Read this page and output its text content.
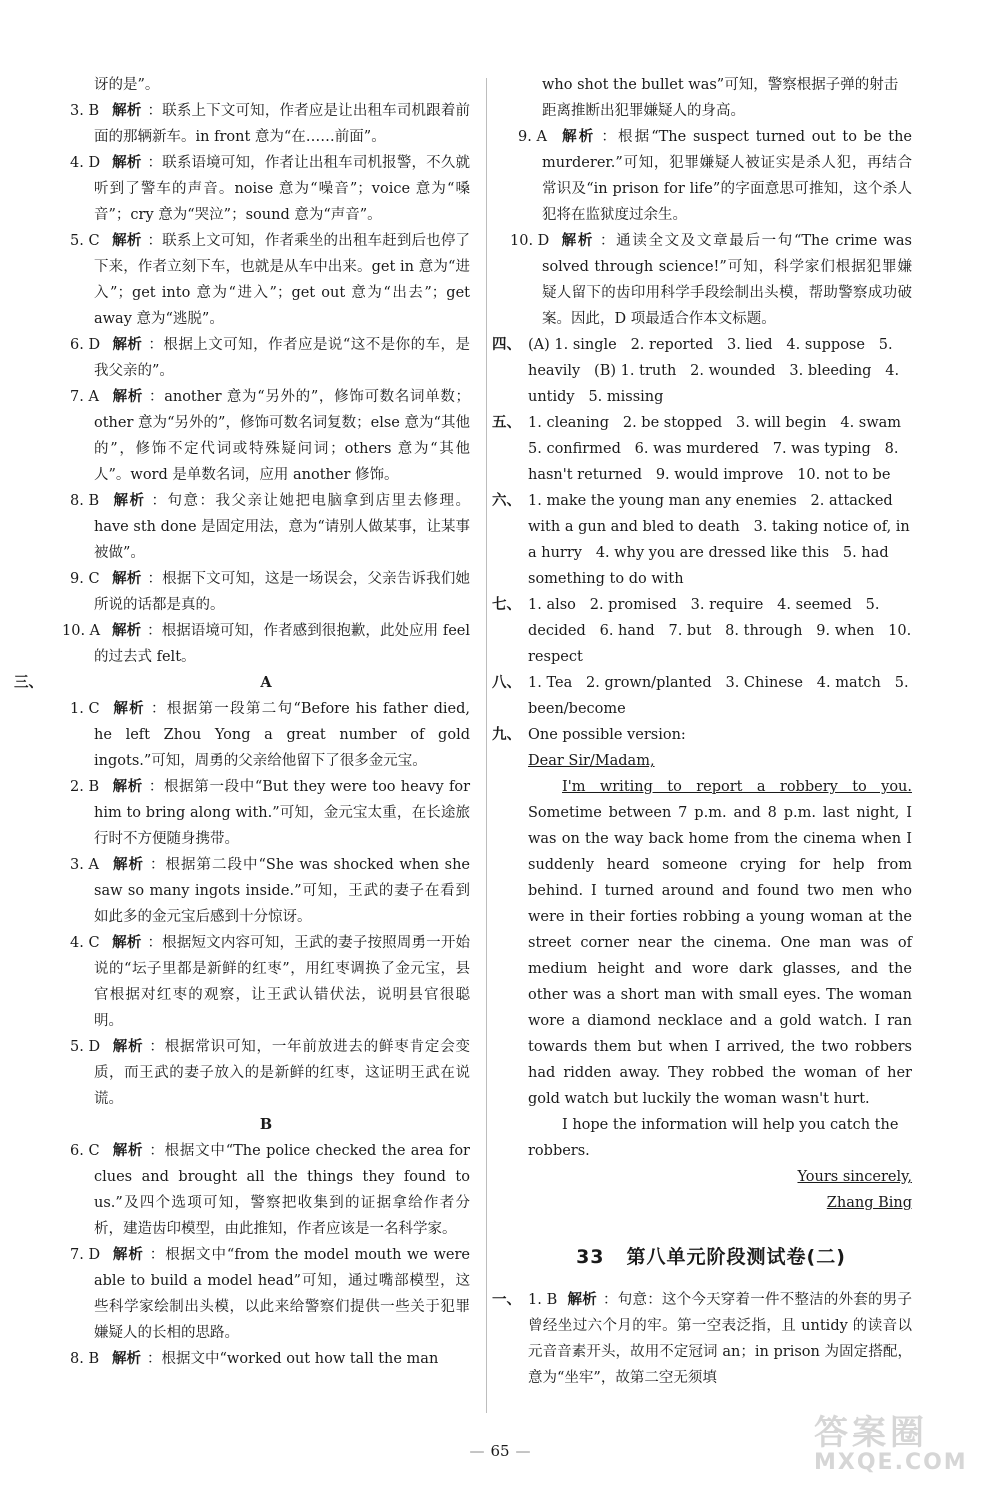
讶的是”。

3. B 解析 ：联系上下文可知，作者应是让出租车司机跟着前面的那辆新车。in front 意为“在……前面”。

4. D 解析 ：联系语境可知，作者让出租车司机报警，不久就听到了警车的声音。noise 意为“噪音”；voice 意为“嗓音”；cry 意为“哭泣”；sound 意为“声音”。

5. C 解析 ：联系上文可知，作者乘坐的出租车赶到后也停了下来，作者立刻下车，也就是从车中出来。get in 意为“进入”；get into 意为“进入”；get out 意为“出去”；get away 意为“逃脱”。

6. D 解析 ：根据上文可知，作者应是说“这不是你的车，是我父亲的”。

7. A 解析 ：another 意为“另外的”，修饰可数名词单数；other 意为“另外的”，修饰可数名词复数；else 意为“其他的”，修饰不定代词或特殊疑问词；others 意为“其他人”。word 是单数名词，应用 another 修饰。

8. B 解析 ：句意：我父亲让她把电脑拿到店里去修理。have sth done 是固定用法，意为“请别人做某事，让某事被做”。

9. C 解析 ：根据下文可知，这是一场误会，父亲告诉我们她所说的话都是真的。

10. A 解析 ：根据语境可知，作者感到很抱歉，此处应用 feel 的过去式 felt。

三、	A

1. C 解析 ：根据第一段第二句“Before his father died, he left Zhou Yong a great number of gold ingots.”可知，周勇的父亲给他留下了很多金元宝。

2. B 解析 ：根据第一段中“But they were too heavy for him to bring along with.”可知，金元宝太重，在长途旅行时不方便随身携带。

3. A 解析 ：根据第二段中“She was shocked when she saw so many ingots inside.”可知，王武的妻子在看到如此多的金元宝后感到十分惊讶。

4. C 解析 ：根据短文内容可知，王武的妻子按照周勇一开始说的“坛子里都是新鲜的红枣”，用红枣调换了金元宝，县官根据对红枣的观察，让王武认错伏法，说明县官很聪明。

5. D 解析 ：根据常识可知，一年前放进去的鲜枣肯定会变质，而王武的妻子放入的是新鲜的红枣，这证明王武在说谎。

B

6. C 解析 ：根据文中“The police checked the area for clues and brought all the things they found to us.”及四个选项可知，警察把收集到的证据拿给作者分析，建造齿印模型，由此推知，作者应该是一名科学家。

7. D 解析 ：根据文中“from the model mouth we were able to build a model head”可知，通过嘴部模型，这些科学家绘制出头模，以此来给警察们提供一些关于犯罪嫌疑人的长相的思路。

8. B 解析 ：根据文中“worked out how tall the man

who shot the bullet was”可知，警察根据子弹的射击距离推断出犯罪嫌疑人的身高。

9. A 解析 ：根据“The suspect turned out to be the murderer.”可知，犯罪嫌疑人被证实是杀人犯，再结合常识及“in prison for life”的字面意思可推知，这个杀人犯将在监狱度过余生。

10. D 解析 ：通读全文及文章最后一句“The crime was solved through science!”可知，科学家们根据犯罪嫌疑人留下的齿印用科学手段绘制出头模，帮助警察成功破案。因此，D 项最适合作本文标题。

四、 (A) 1. single   2. reported   3. lied   4. suppose   5. heavily   (B) 1. truth   2. wounded   3. bleeding   4. untidy   5. missing

五、 1. cleaning   2. be stopped   3. will begin   4. swam   5. confirmed   6. was murdered   7. was typing   8. hasn't returned   9. would improve   10. not to be

六、 1. make the young man any enemies   2. attacked with a gun and bled to death   3. taking notice of, in a hurry   4. why you are dressed like this   5. had something to do with

七、 1. also   2. promised   3. require   4. seemed   5. decided   6. hand   7. but   8. through   9. when   10. respect

八、 1. Tea   2. grown/planted   3. Chinese   4. match   5. been/become

九、 One possible version:

Dear Sir/Madam,

I'm writing to report a robbery to you. Sometime between 7 p.m. and 8 p.m. last night, I was on the way back home from the cinema when I suddenly heard someone crying for help from behind. I turned around and found two men who were in their forties robbing a young woman at the street corner near the cinema. One man was of medium height and wore dark glasses, and the other was a short man with small eyes. The woman wore a diamond necklace and a gold watch. I ran towards them but when I arrived, the two robbers had ridden away. They robbed the woman of her gold watch but luckily the woman wasn't hurt.

I hope the information will help you catch the robbers.

Yours sincerely,

Zhang Bing

33 第八单元阶段测试卷(二)

一、 1. B 解析 ：句意：这个今天穿着一件不整洁的外套的男子曾经坐过六个月的牢。第一空表泛指，且 untidy 的读音以元音音素开头，故用不定冠词 an；in prison 为固定搭配，意为“坐牢”，故第二空无须填

— 65 —	答案圈
MXQE.COM
